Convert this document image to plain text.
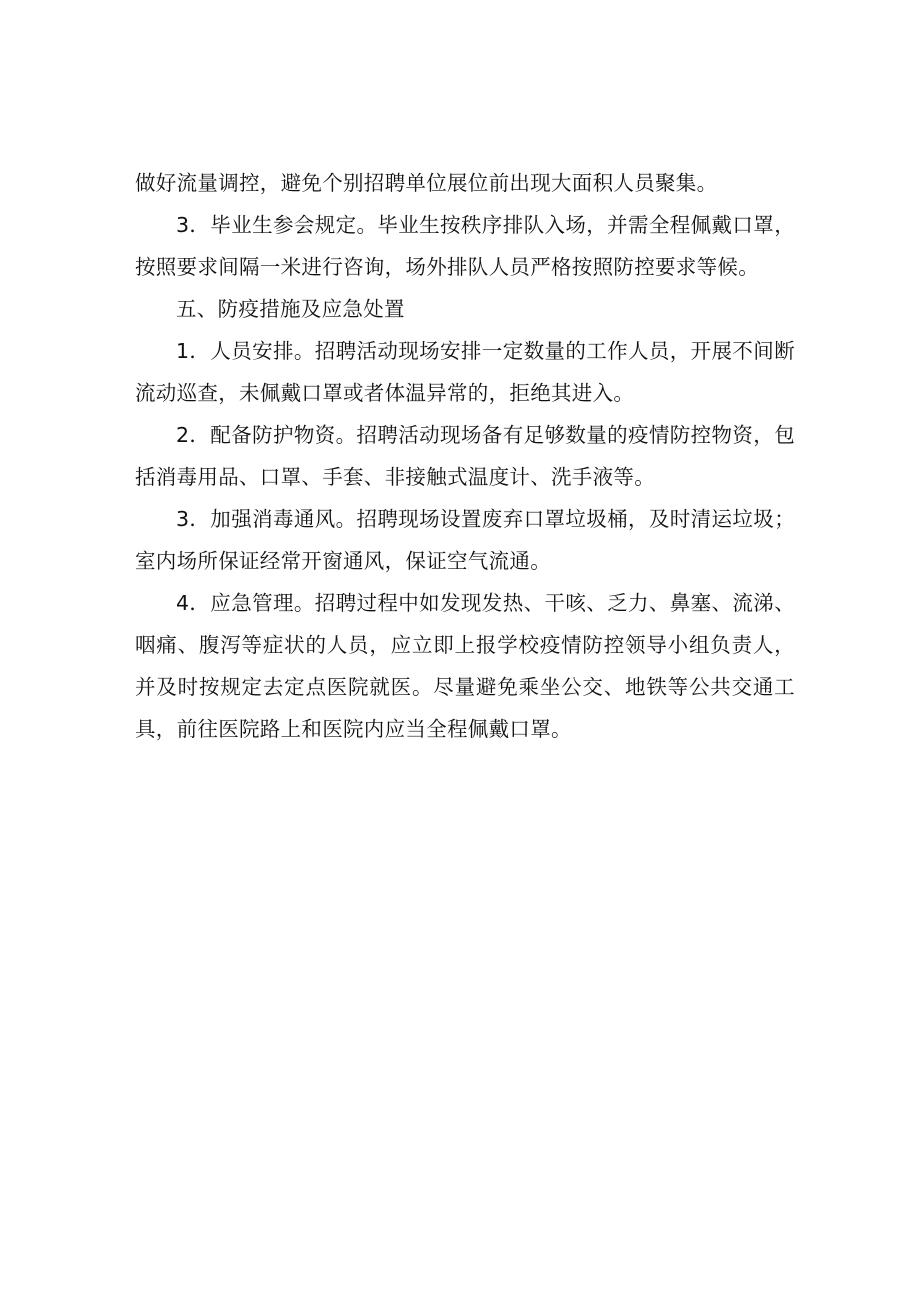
做好流量调控，避免个别招聘单位展位前出现大面积人员聚集。

3．毕业生参会规定。毕业生按秩序排队入场，并需全程佩戴口罩，按照要求间隔一米进行咨询，场外排队人员严格按照防控要求等候。

五、防疫措施及应急处置

1．人员安排。招聘活动现场安排一定数量的工作人员，开展不间断流动巡查，未佩戴口罩或者体温异常的，拒绝其进入。

2．配备防护物资。招聘活动现场备有足够数量的疫情防控物资，包括消毒用品、口罩、手套、非接触式温度计、洗手液等。

3．加强消毒通风。招聘现场设置废弃口罩垃圾桶，及时清运垃圾；室内场所保证经常开窗通风，保证空气流通。

4．应急管理。招聘过程中如发现发热、干咳、乏力、鼻塞、流涕、咽痛、腹泻等症状的人员，应立即上报学校疫情防控领导小组负责人，并及时按规定去定点医院就医。尽量避免乘坐公交、地铁等公共交通工具，前往医院路上和医院内应当全程佩戴口罩。
